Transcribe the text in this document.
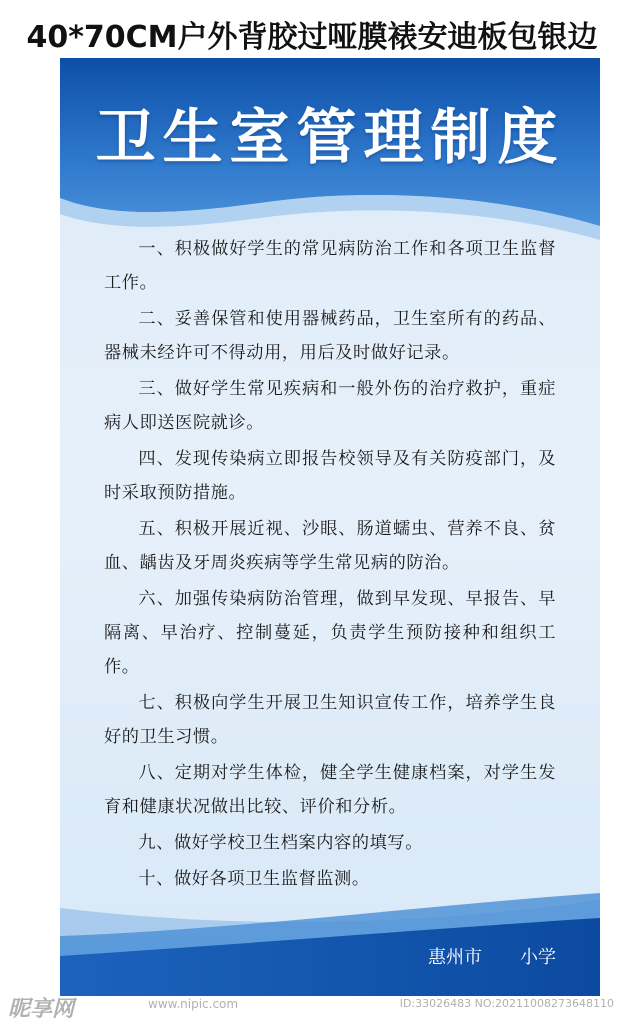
40*70CM户外背胶过哑膜裱安迪板包银边
卫生室管理制度
一、积极做好学生的常见病防治工作和各项卫生监督工作。
二、妥善保管和使用器械药品，卫生室所有的药品、器械未经许可不得动用，用后及时做好记录。
三、做好学生常见疾病和一般外伤的治疗救护，重症病人即送医院就诊。
四、发现传染病立即报告校领导及有关防疫部门，及时采取预防措施。
五、积极开展近视、沙眼、肠道蠕虫、营养不良、贫血、龋齿及牙周炎疾病等学生常见病的防治。
六、加强传染病防治管理，做到早发现、早报告、早隔离、早治疗、控制蔓延，负责学生预防接种和组织工作。
七、积极向学生开展卫生知识宣传工作，培养学生良好的卫生习惯。
八、定期对学生体检，健全学生健康档案，对学生发育和健康状况做出比较、评价和分析。
九、做好学校卫生档案内容的填写。
十、做好各项卫生监督监测。
惠州市 小学
昵享网	www.nipic.com	ID:33026483 NO:20211008273648110
